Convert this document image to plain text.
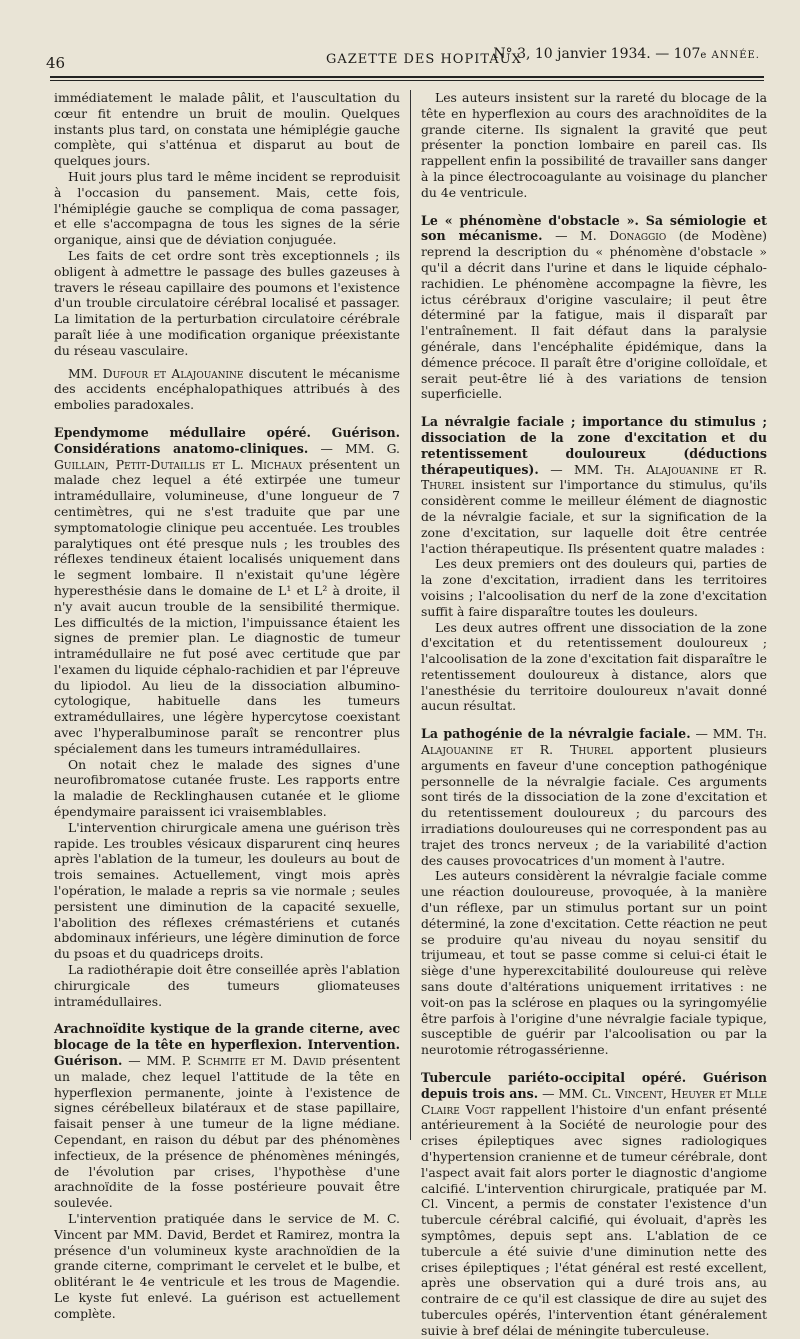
46	GAZETTE DES HOPITAUX
N° 3, 10 janvier 1934. — 107e ANNÉE.

immédiatement le malade pâlit, et l'auscultation du cœur fit entendre un bruit de moulin. Quelques instants plus tard, on constata une hémiplégie gauche complète, qui s'atténua et disparut au bout de quelques jours.

Huit jours plus tard le même incident se reproduisit à l'occasion du pansement. Mais, cette fois, l'hémiplégie gauche se compliqua de coma passager, et elle s'accompagna de tous les signes de la série organique, ainsi que de déviation conjuguée.

Les faits de cet ordre sont très exceptionnels ; ils obligent à admettre le passage des bulles gazeuses à travers le réseau capillaire des poumons et l'existence d'un trouble circulatoire cérébral localisé et passager. La limitation de la perturbation circulatoire cérébrale paraît liée à une modification organique préexistante du réseau vasculaire.

MM. Dufour et Alajouanine discutent le mécanisme des accidents encéphalopathiques attribués à des embolies paradoxales.

Ependymome médullaire opéré. Guérison. Considérations anatomo-cliniques. — MM. G. Guillain, Petit-Dutaillis et L. Michaux présentent un malade chez lequel a été extirpée une tumeur intramédullaire, volumineuse, d'une longueur de 7 centimètres, qui ne s'est traduite que par une symptomatologie clinique peu accentuée. Les troubles paralytiques ont été presque nuls ; les troubles des réflexes tendineux étaient localisés uniquement dans le segment lombaire. Il n'existait qu'une légère hyperesthésie dans le domaine de L¹ et L² à droite, il n'y avait aucun trouble de la sensibilité thermique. Les difficultés de la miction, l'impuissance étaient les signes de premier plan. Le diagnostic de tumeur intramédullaire ne fut posé avec certitude que par l'examen du liquide céphalo-rachidien et par l'épreuve du lipiodol. Au lieu de la dissociation albumino-cytologique, habituelle dans les tumeurs extramédullaires, une légère hypercytose coexistant avec l'hyperalbuminose paraît se rencontrer plus spécialement dans les tumeurs intramédullaires.

On notait chez le malade des signes d'une neurofibromatose cutanée fruste. Les rapports entre la maladie de Recklinghausen cutanée et le gliome épendymaire paraissent ici vraisemblables.

L'intervention chirurgicale amena une guérison très rapide. Les troubles vésicaux disparurent cinq heures après l'ablation de la tumeur, les douleurs au bout de trois semaines. Actuellement, vingt mois après l'opération, le malade a repris sa vie normale ; seules persistent une diminution de la capacité sexuelle, l'abolition des réflexes crémastériens et cutanés abdominaux inférieurs, une légère diminution de force du psoas et du quadriceps droits.

La radiothérapie doit être conseillée après l'ablation chirurgicale des tumeurs gliomateuses intramédullaires.

Arachnoïdite kystique de la grande citerne, avec blocage de la tête en hyperflexion. Intervention. Guérison. — MM. P. Schmite et M. David présentent un malade, chez lequel l'attitude de la tête en hyperflexion permanente, jointe à l'existence de signes cérébelleux bilatéraux et de stase papillaire, faisait penser à une tumeur de la ligne médiane. Cependant, en raison du début par des phénomènes infectieux, de la présence de phénomènes méningés, de l'évolution par crises, l'hypothèse d'une arachnoïdite de la fosse postérieure pouvait être soulevée.

L'intervention pratiquée dans le service de M. C. Vincent par MM. David, Berdet et Ramirez, montra la présence d'un volumineux kyste arachnoïdien de la grande citerne, comprimant le cervelet et le bulbe, et oblitérant le 4e ventricule et les trous de Magendie. Le kyste fut enlevé. La guérison est actuellement complète.

Les auteurs insistent sur la rareté du blocage de la tête en hyperflexion au cours des arachnoïdites de la grande citerne. Ils signalent la gravité que peut présenter la ponction lombaire en pareil cas. Ils rappellent enfin la possibilité de travailler sans danger à la pince électrocoagulante au voisinage du plancher du 4e ventricule.

Le « phénomène d'obstacle ». Sa sémiologie et son mécanisme. — M. Donaggio (de Modène) reprend la description du « phénomène d'obstacle » qu'il a décrit dans l'urine et dans le liquide céphalo-rachidien. Le phénomène accompagne la fièvre, les ictus cérébraux d'origine vasculaire; il peut être déterminé par la fatigue, mais il disparaît par l'entraînement. Il fait défaut dans la paralysie générale, dans l'encéphalite épidémique, dans la démence précoce. Il paraît être d'origine colloïdale, et serait peut-être lié à des variations de tension superficielle.

La névralgie faciale ; importance du stimulus ; dissociation de la zone d'excitation et du retentissement douloureux (déductions thérapeutiques). — MM. Th. Alajouanine et R. Thurel insistent sur l'importance du stimulus, qu'ils considèrent comme le meilleur élément de diagnostic de la névralgie faciale, et sur la signification de la zone d'excitation, sur laquelle doit être centrée l'action thérapeutique. Ils présentent quatre malades :

Les deux premiers ont des douleurs qui, parties de la zone d'excitation, irradient dans les territoires voisins ; l'alcoolisation du nerf de la zone d'excitation suffit à faire disparaître toutes les douleurs.

Les deux autres offrent une dissociation de la zone d'excitation et du retentissement douloureux ; l'alcoolisation de la zone d'excitation fait disparaître le retentissement douloureux à distance, alors que l'anesthésie du territoire douloureux n'avait donné aucun résultat.

La pathogénie de la névralgie faciale. — MM. Th. Alajouanine et R. Thurel apportent plusieurs arguments en faveur d'une conception pathogénique personnelle de la névralgie faciale. Ces arguments sont tirés de la dissociation de la zone d'excitation et du retentissement douloureux ; du parcours des irradiations douloureuses qui ne correspondent pas au trajet des troncs nerveux ; de la variabilité d'action des causes provocatrices d'un moment à l'autre.

Les auteurs considèrent la névralgie faciale comme une réaction douloureuse, provoquée, à la manière d'un réflexe, par un stimulus portant sur un point déterminé, la zone d'excitation. Cette réaction ne peut se produire qu'au niveau du noyau sensitif du trijumeau, et tout se passe comme si celui-ci était le siège d'une hyperexcitabilité douloureuse qui relève sans doute d'altérations uniquement irritatives : ne voit-on pas la sclérose en plaques ou la syringomyélie être parfois à l'origine d'une névralgie faciale typique, susceptible de guérir par l'alcoolisation ou par la neurotomie rétrogassérienne.

Tubercule pariéto-occipital opéré. Guérison depuis trois ans. — MM. Cl. Vincent, Heuyer et Mlle Claire Vogt rappellent l'histoire d'un enfant présenté antérieurement à la Société de neurologie pour des crises épileptiques avec signes radiologiques d'hypertension cranienne et de tumeur cérébrale, dont l'aspect avait fait alors porter le diagnostic d'angiome calcifié. L'intervention chirurgicale, pratiquée par M. Cl. Vincent, a permis de constater l'existence d'un tubercule cérébral calcifié, qui évoluait, d'après les symptômes, depuis sept ans. L'ablation de ce tubercule a été suivie d'une diminution nette des crises épileptiques ; l'état général est resté excellent, après une observation qui a duré trois ans, au contraire de ce qu'il est classique de dire au sujet des tubercules opérés, l'intervention étant généralement suivie à bref délai de méningite tuberculeuse.
